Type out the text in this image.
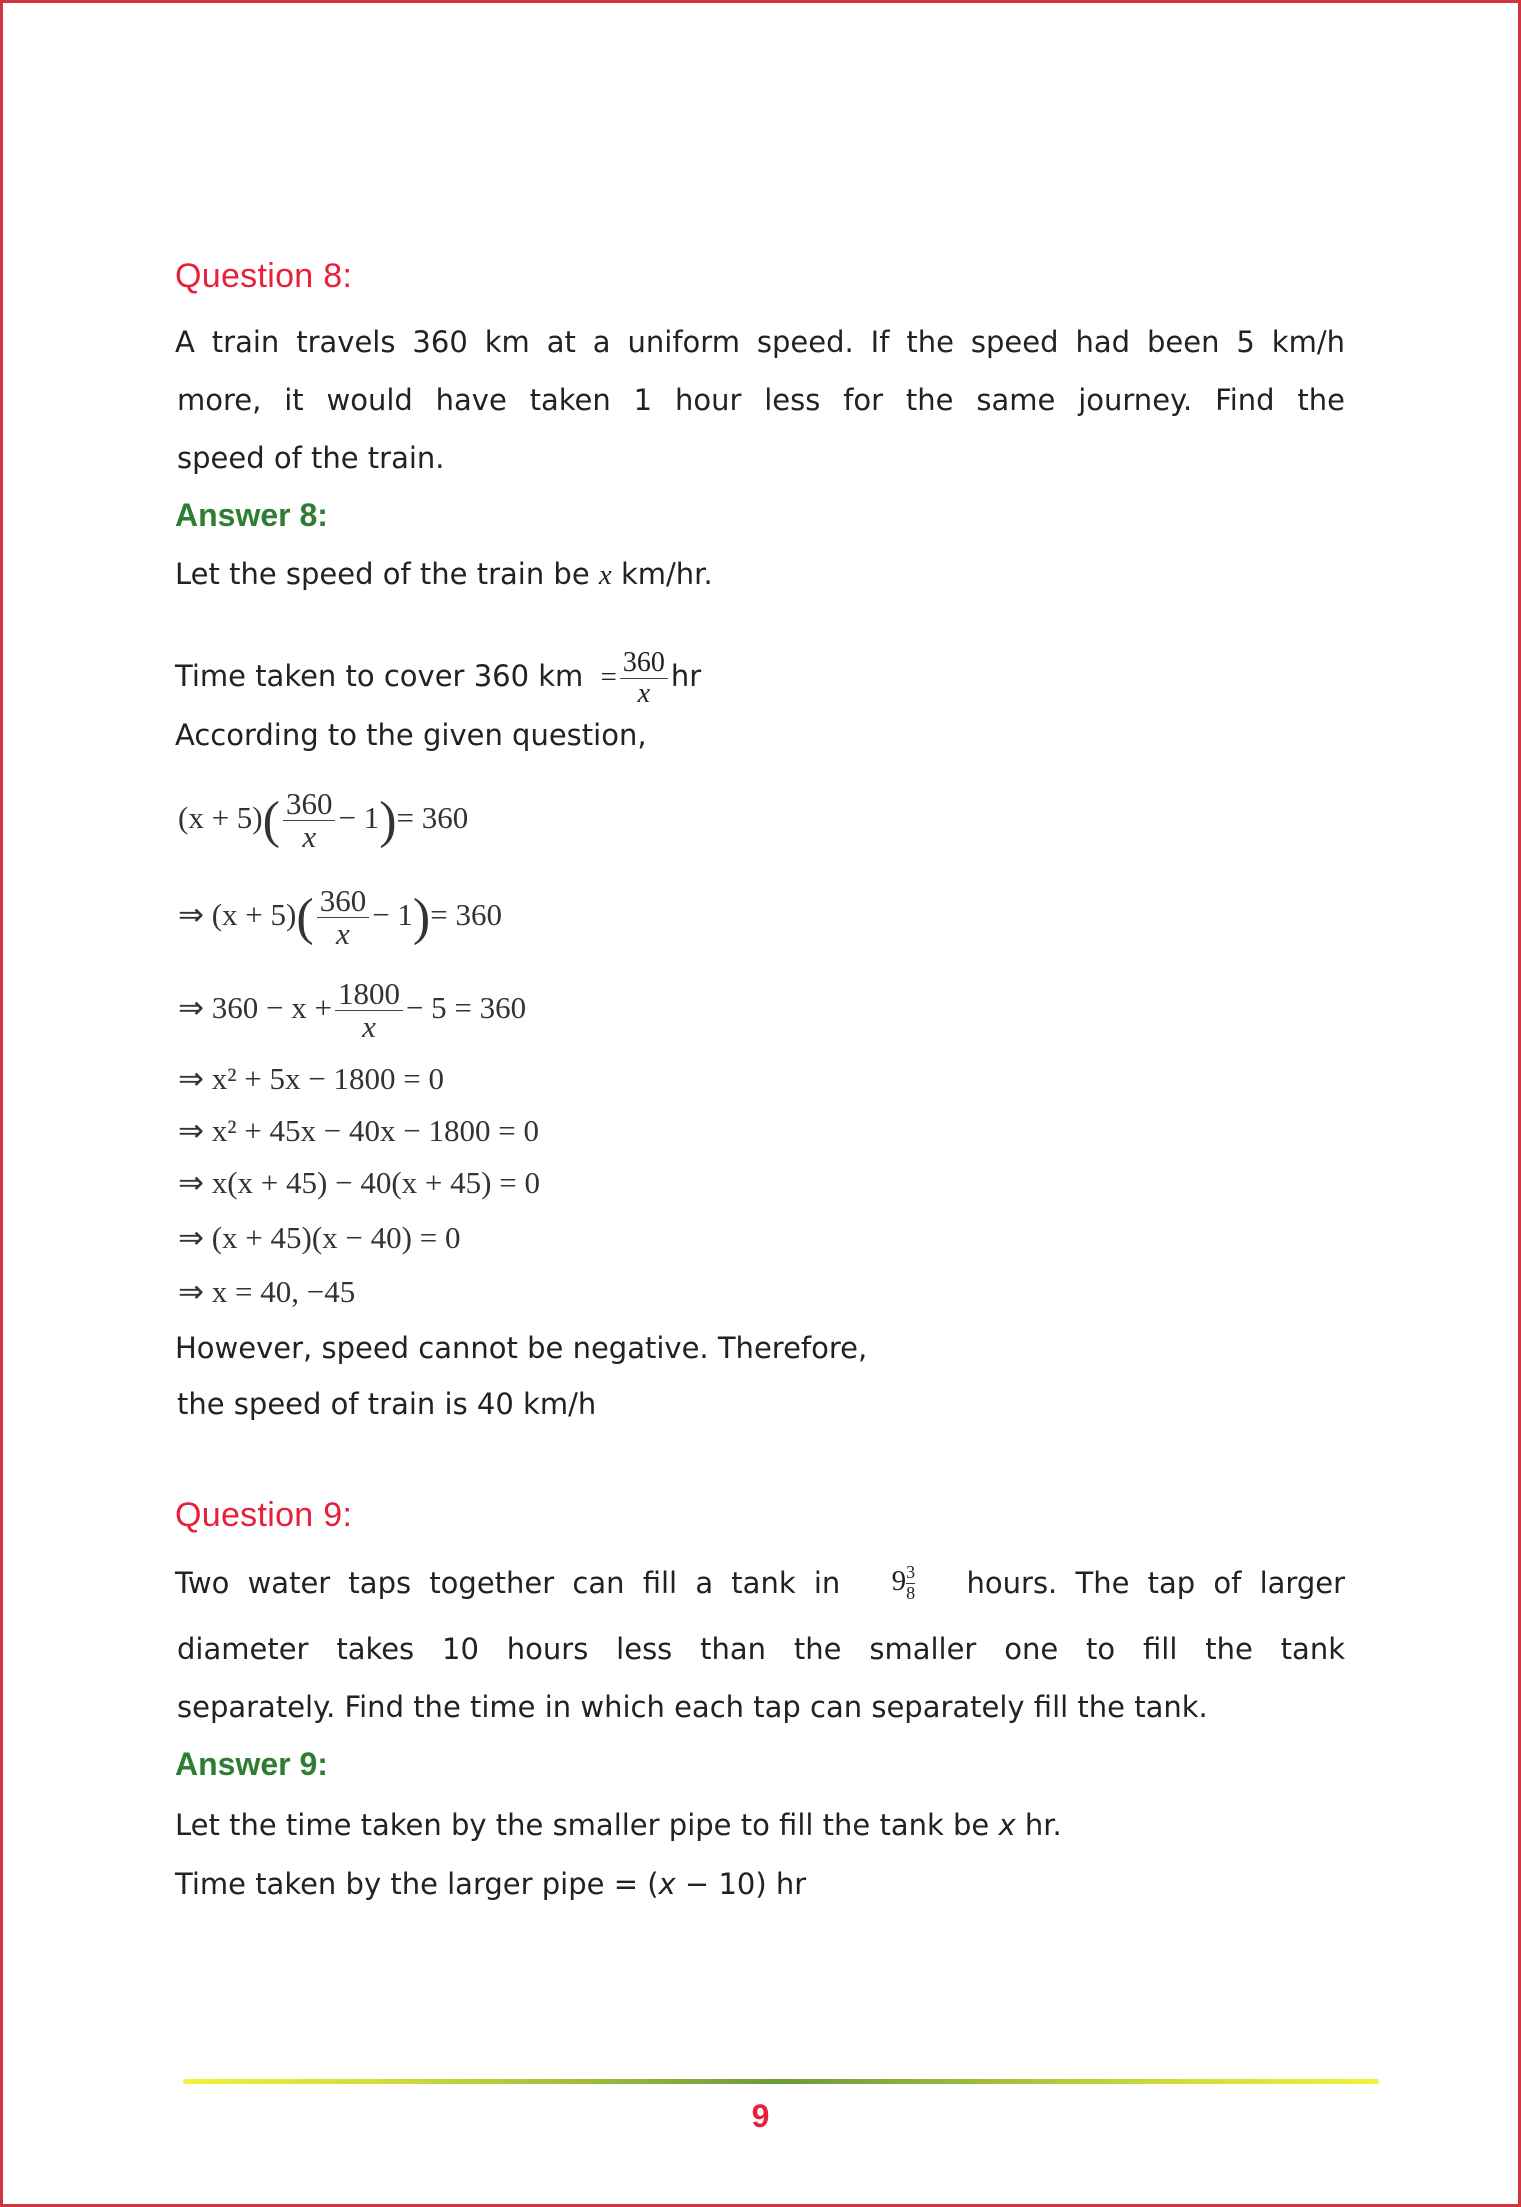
Question 8:
A train travels 360 km at a uniform speed. If the speed had been 5 km/h
more, it would have taken 1 hour less for the same journey. Find the
speed of the train.
Answer 8:
Let the speed of the train be x km/hr.
Time taken to cover 360 km = $\frac{360}{x}$ hr
According to the given question,
$(x + 5)( \frac{360}{x} - 1)= 360$
⇒ $(x + 5)( \frac{360}{x} - 1)= 360$
⇒ $360 - x + \frac{1800}{x} - 5 = 360$
⇒ x² + 5x − 1800 = 0
⇒ x² + 45x − 40x − 1800 = 0
⇒ x(x + 45) − 40(x + 45) = 0
⇒ (x + 45)(x − 40) = 0
⇒ x = 40, −45
However, speed cannot be negative. Therefore,
the speed of train is 40 km/h
Question 9:
Two water taps together can fill a tank in $9 \frac{3}{8}$ hours. The tap of larger
diameter takes 10 hours less than the smaller one to fill the tank
separately. Find the time in which each tap can separately fill the tank.
Answer 9:
Let the time taken by the smaller pipe to fill the tank be x hr.
Time taken by the larger pipe = (x − 10) hr
9
